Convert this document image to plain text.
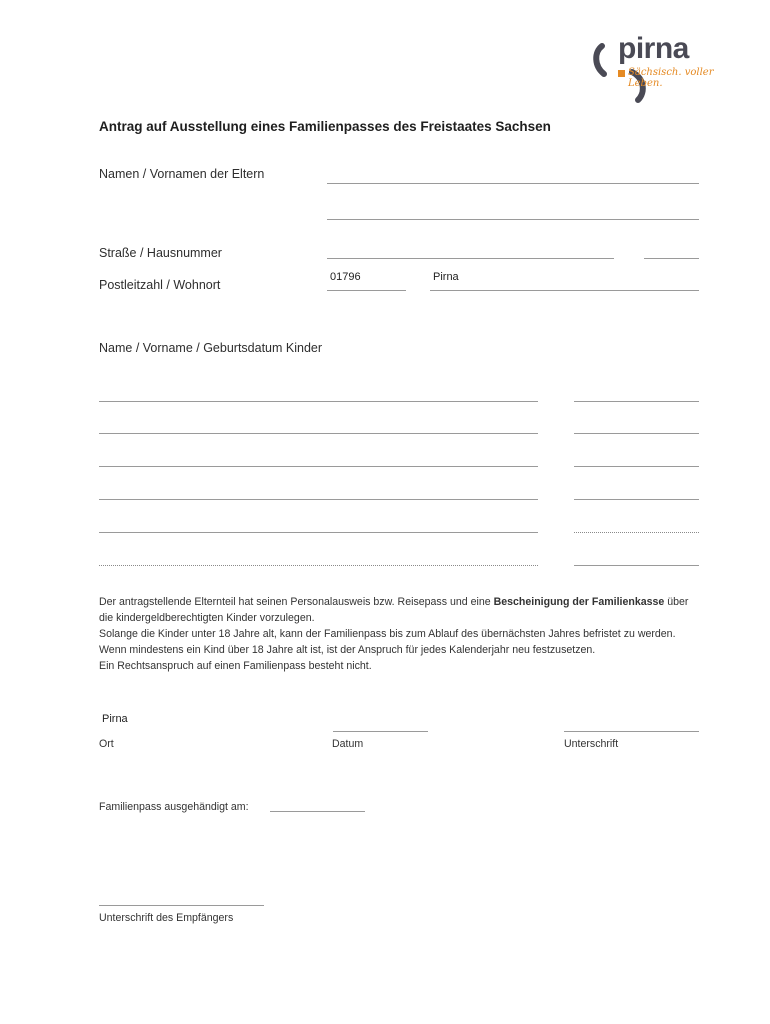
pirna
Sächsisch. voller Leben.
Antrag auf Ausstellung eines Familienpasses des Freistaates Sachsen
Namen / Vornamen der Eltern
Straße / Hausnummer
01796	Pirna
Postleitzahl / Wohnort
Name / Vorname / Geburtsdatum Kinder
Der antragstellende Elternteil hat seinen Personalausweis bzw. Reisepass und eine Bescheinigung der Familienkasse über
die kindergeldberechtigten Kinder vorzulegen.
Solange die Kinder unter 18 Jahre alt, kann der Familienpass bis zum Ablauf des übernächsten Jahres befristet zu werden.
Wenn mindestens ein Kind über 18 Jahre alt ist, ist der Anspruch für jedes Kalenderjahr neu festzusetzen.
Ein Rechtsanspruch auf einen Familienpass besteht nicht.
Pirna
Ort	Datum	Unterschrift
Familienpass ausgehändigt am:
Unterschrift des Empfängers
